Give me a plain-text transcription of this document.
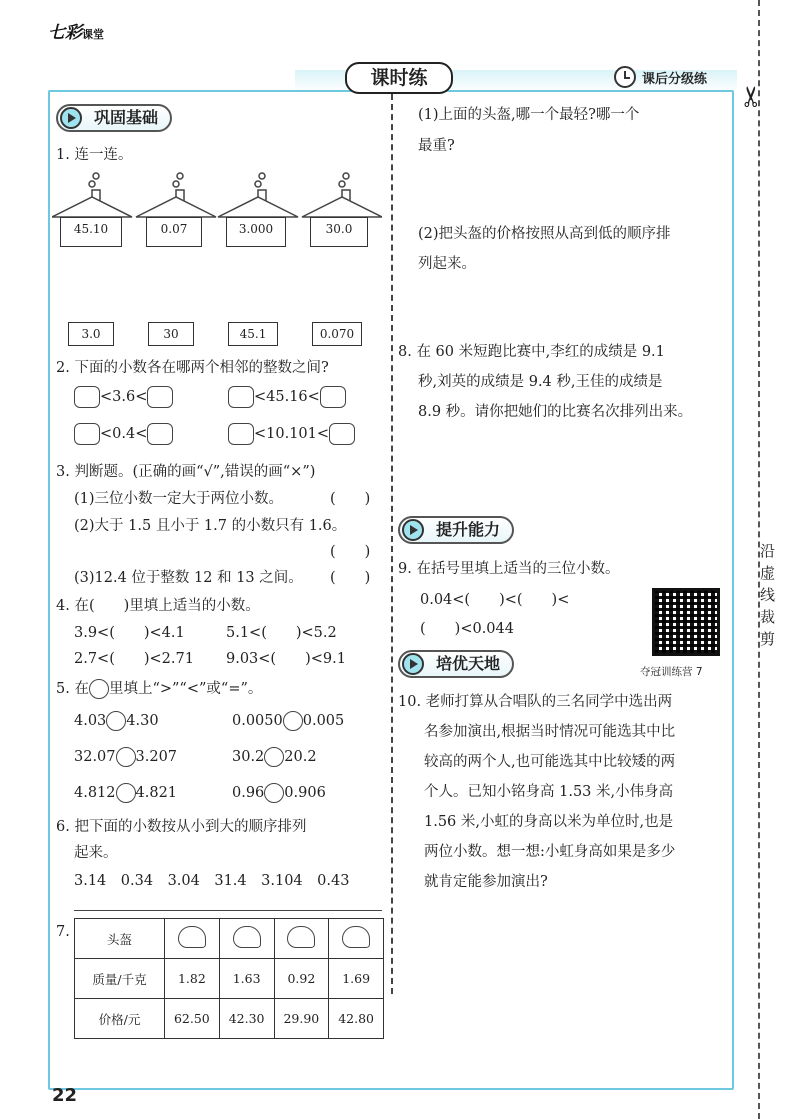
七彩课堂
课时练	课后分级练
✂
沿
虚
线
裁
剪
巩固基础
1. 连一连。
45.10	0.07	3.000	30.0
3.0	30	45.1	0.070
2. 下面的小数各在哪两个相邻的整数之间?
<3.6<	<45.16<
<0.4<	<10.101<
3. 判断题。(正确的画“√”,错误的画“×”)
(1)三位小数一定大于两位小数。	(　　)
(2)大于 1.5 且小于 1.7 的小数只有 1.6。
(　　)
(3)12.4 位于整数 12 和 13 之间。 (　　)
4. 在(　　)里填上适当的小数。
3.9<(　　)<4.1	5.1<(　　)<5.2
2.7<(　　)<2.71 9.03<(　　)<9.1
5. 在 里填上“>”“<”或“=”。
4.03 4.30	0.0050 0.005
32.07 3.207	30.2 20.2
4.812 4.821	0.96 0.906
6. 把下面的小数按从小到大的顺序排列
起来。
3.14　0.34　3.04　31.4　3.104　0.43
7.	头盔				
质量/千克	1.82	1.63	0.92	1.69
价格/元	62.50	42.30	29.90	42.80
(1)上面的头盔,哪一个最轻?哪一个
最重?
(2)把头盔的价格按照从高到低的顺序排
列起来。
8. 在 60 米短跑比赛中,李红的成绩是 9.1
秒,刘英的成绩是 9.4 秒,王佳的成绩是
8.9 秒。请你把她们的比赛名次排列出来。
提升能力
9. 在括号里填上适当的三位小数。
0.04<(　　)<(　　)<
(　　)<0.044
夺冠训练营 7
培优天地
10. 老师打算从合唱队的三名同学中选出两
名参加演出,根据当时情况可能选其中比
较高的两个人,也可能选其中比较矮的两
个人。已知小铭身高 1.53 米,小伟身高
1.56 米,小虹的身高以米为单位时,也是
两位小数。想一想:小虹身高如果是多少
就肯定能参加演出?
22
